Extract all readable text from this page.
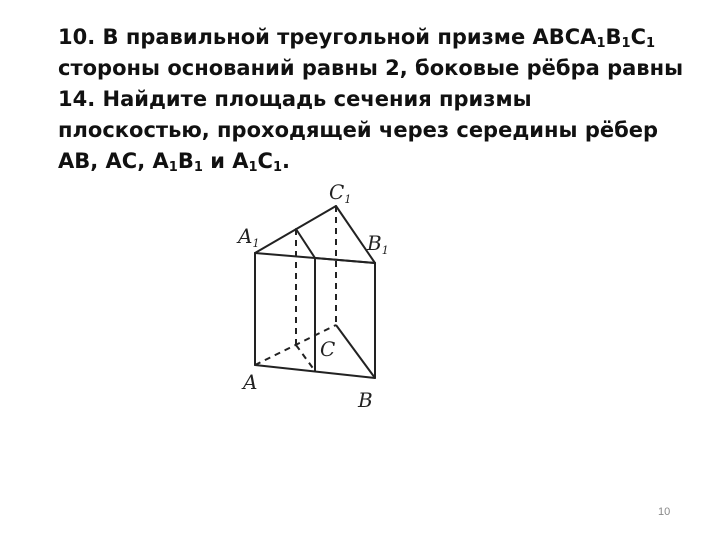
10. В правильной треугольной призме $ABCA_1B_1C_1$ стороны оснований равны 2, боковые рёбра равны 14. Найдите площадь сечения призмы плоскостью, проходящей через середины рёбер AB, AC, $A_1B_1$ и $A_1C_1$.
$C_1$
$A_1$	$B_1$
C
A
B
10
